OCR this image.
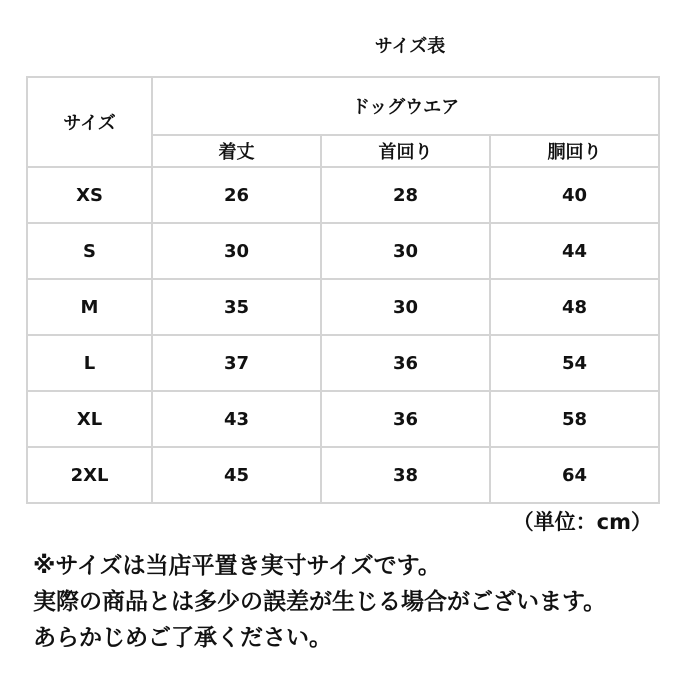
サイズ表
サイズ	ドッグウエア		
	着丈	首回り	胴回り
XS	26	28	40
S	30	30	44
M	35	30	48
L	37	36	54
XL	43	36	58
2XL	45	38	64
（単位：cm）
※サイズは当店平置き実寸サイズです。
実際の商品とは多少の誤差が生じる場合がございます。
あらかじめご了承ください。
